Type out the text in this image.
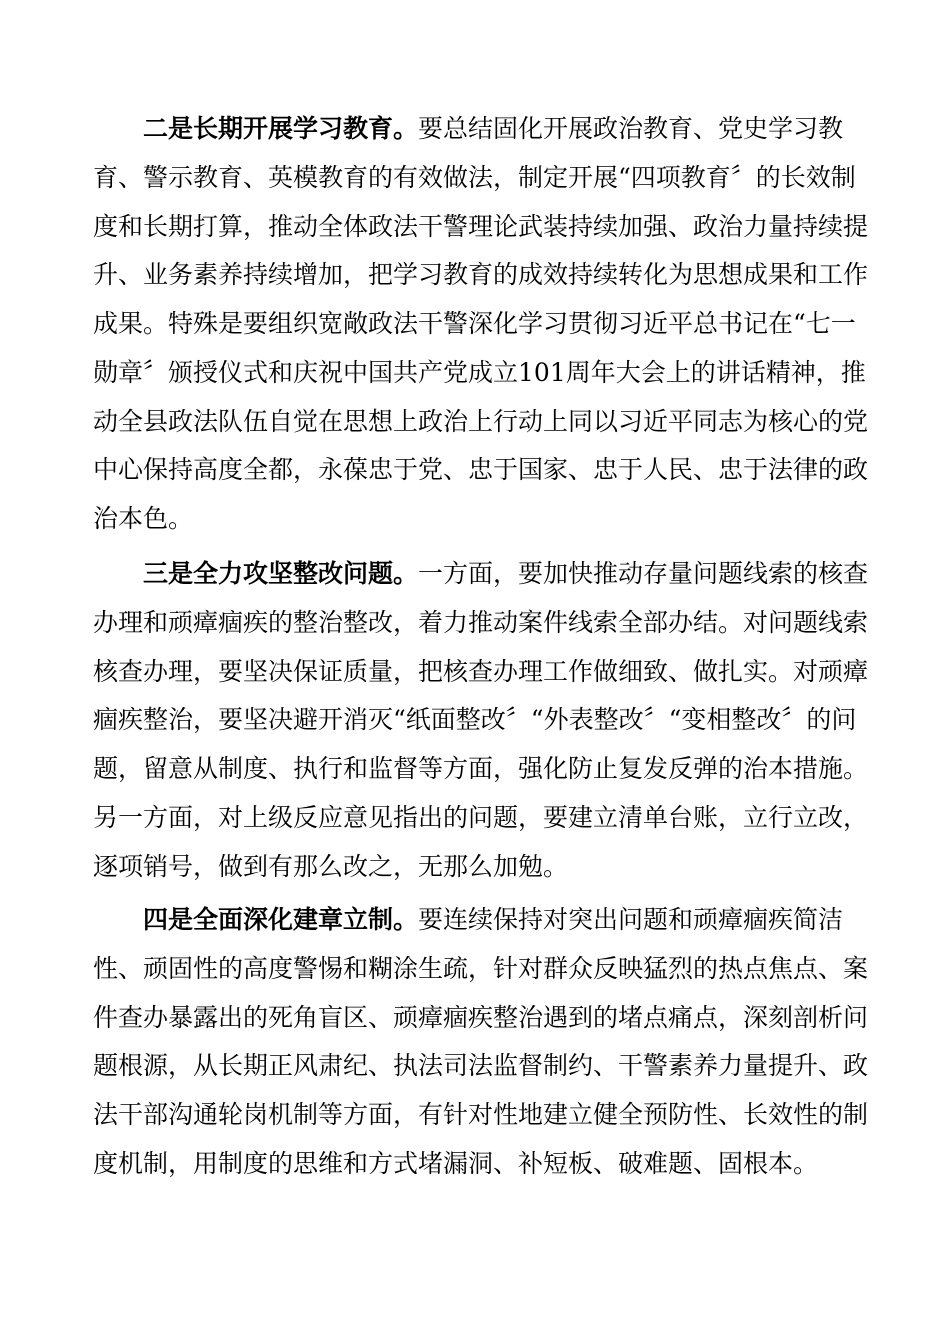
二是长期开展学习教育。要总结固化开展政治教育、党史学习教育、警示教育、英模教育的有效做法，制定开展“四项教育〞的长效制度和长期打算，推动全体政法干警理论武装持续加强、政治力量持续提升、业务素养持续增加，把学习教育的成效持续转化为思想成果和工作成果。特殊是要组织宽敞政法干警深化学习贯彻习近平总书记在“七一勋章〞颁授仪式和庆祝中国共产党成立101周年大会上的讲话精神，推动全县政法队伍自觉在思想上政治上行动上同以习近平同志为核心的党中心保持高度全都，永葆忠于党、忠于国家、忠于人民、忠于法律的政治本色。

三是全力攻坚整改问题。一方面，要加快推动存量问题线索的核查办理和顽瘴痼疾的整治整改，着力推动案件线索全部办结。对问题线索核查办理，要坚决保证质量，把核查办理工作做细致、做扎实。对顽瘴痼疾整治，要坚决避开消灭“纸面整改〞“外表整改〞“变相整改〞的问题，留意从制度、执行和监督等方面，强化防止复发反弹的治本措施。另一方面，对上级反应意见指出的问题，要建立清单台账，立行立改，逐项销号，做到有那么改之，无那么加勉。

四是全面深化建章立制。要连续保持对突出问题和顽瘴痼疾简洁性、顽固性的高度警惕和糊涂生疏，针对群众反映猛烈的热点焦点、案件查办暴露出的死角盲区、顽瘴痼疾整治遇到的堵点痛点，深刻剖析问题根源，从长期正风肃纪、执法司法监督制约、干警素养力量提升、政法干部沟通轮岗机制等方面，有针对性地建立健全预防性、长效性的制度机制，用制度的思维和方式堵漏洞、补短板、破难题、固根本。
